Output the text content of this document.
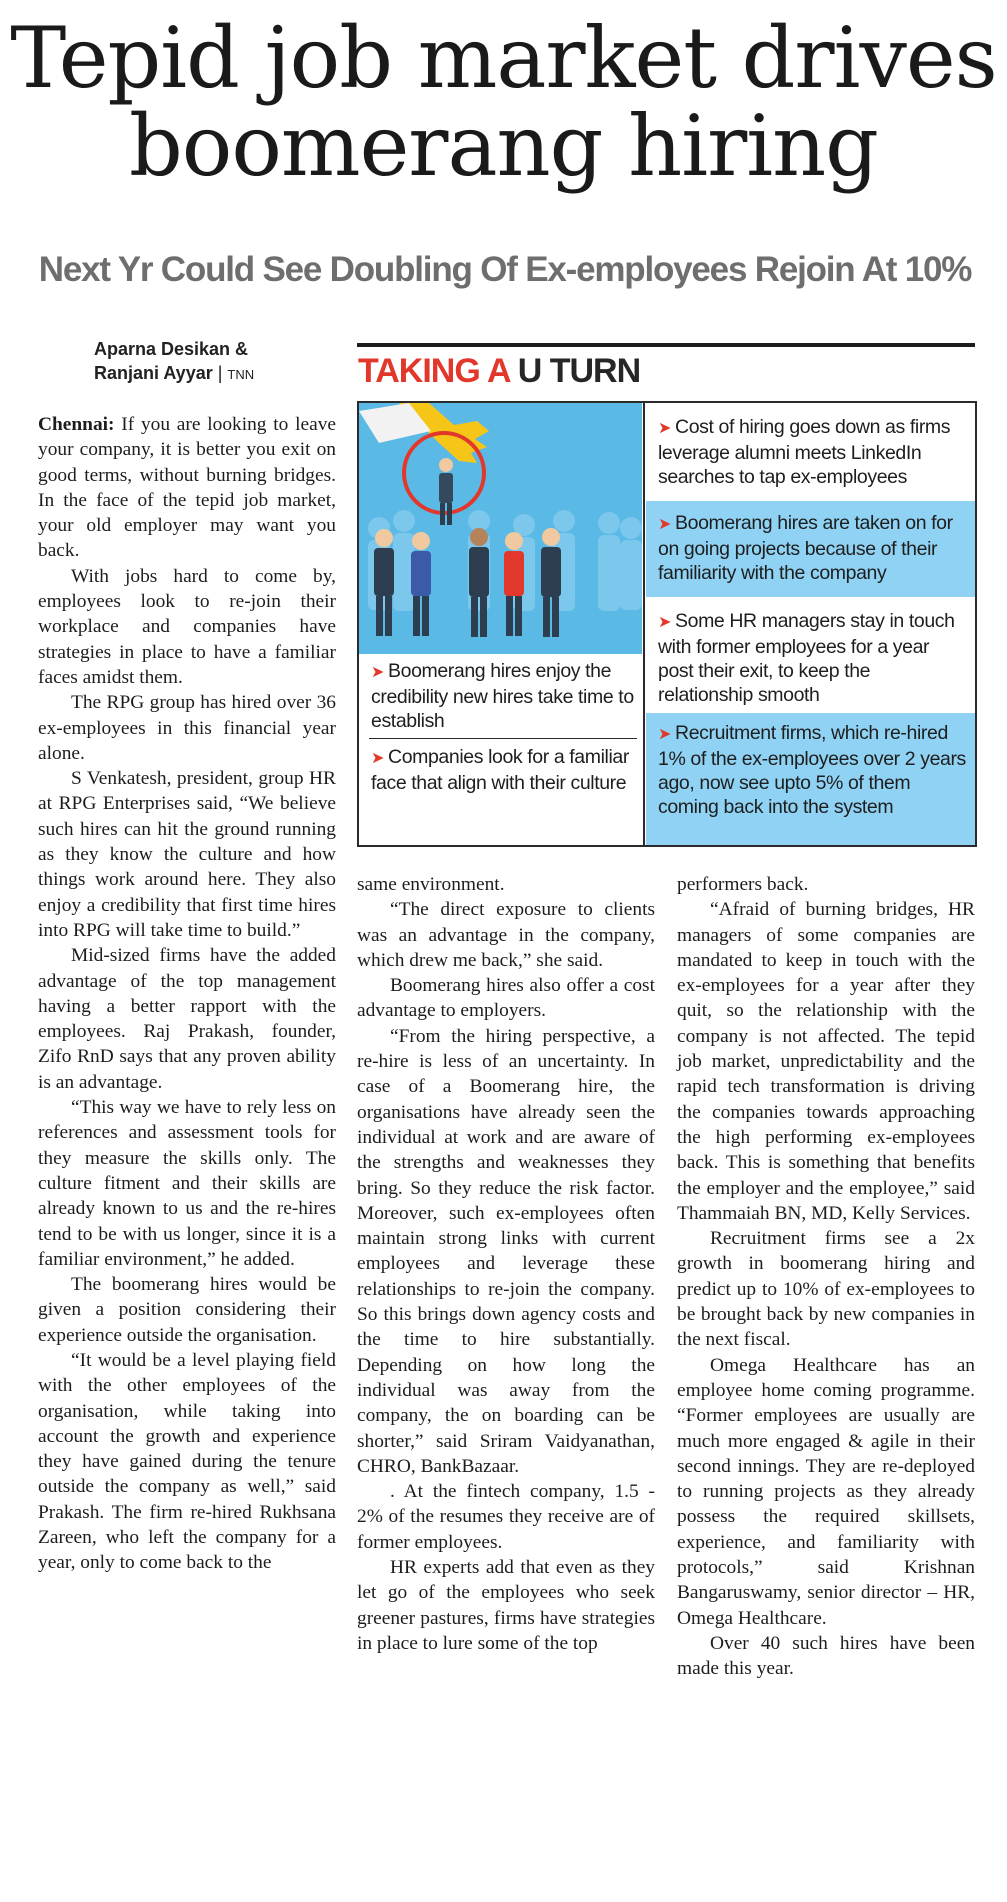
Tepid job market drives
boomerang hiring
Next Yr Could See Doubling Of Ex-employees Rejoin At 10%
Aparna Desikan &
Ranjani Ayyar | TNN

Chennai: If you are looking to leave your company, it is better you exit on good terms, without burning bridges. In the face of the tepid job market, your old employer may want you back.

With jobs hard to come by, employees look to re-join their workplace and companies have strategies in place to have a familiar faces amidst them.

The RPG group has hired over 36 ex-employees in this financial year alone.

S Venkatesh, president, group HR at RPG Enterprises said, “We believe such hires can hit the ground running as they know the culture and how things work around here. They also enjoy a credibility that first time hires into RPG will take time to build.”

Mid-sized firms have the added advantage of the top management having a better rapport with the employees. Raj Prakash, founder, Zifo RnD says that any proven ability is an advantage.

“This way we have to rely less on references and assessment tools for they measure the skills only. The culture fitment and their skills are already known to us and the re-hires tend to be with us longer, since it is a familiar environment,” he added.

The boomerang hires would be given a position considering their experience outside the organisation.

“It would be a level playing field with the other employees of the organisation, while taking into account the growth and experience they have gained during the tenure outside the company as well,” said Prakash. The firm re-hired Rukhsana Zareen, who left the company for a year, only to come back to the

TAKING A U TURN
➤ Boomerang hires enjoy the credibility new hires take time to establish
➤ Companies look for a familiar face that align with their culture
➤ Cost of hiring goes down as firms leverage alumni meets LinkedIn searches to tap ex-employees
➤ Boomerang hires are taken on for on going projects because of their familiarity with the company
➤ Some HR managers stay in touch with former employees for a year post their exit, to keep the relationship smooth
➤ Recruitment firms, which re-hired 1% of the ex-employees over 2 years ago, now see upto 5% of them coming back into the system

same environment.

“The direct exposure to clients was an advantage in the company, which drew me back,” she said.

Boomerang hires also offer a cost advantage to employers.

“From the hiring perspective, a re-hire is less of an uncertainty. In case of a Boomerang hire, the organisations have already seen the individual at work and are aware of the strengths and weaknesses they bring. So they reduce the risk factor. Moreover, such ex-employees often maintain strong links with current employees and leverage these relationships to re-join the company. So this brings down agency costs and the time to hire substantially. Depending on how long the individual was away from the company, the on boarding can be shorter,” said Sriram Vaidyanathan, CHRO, BankBazaar.

. At the fintech company, 1.5 - 2% of the resumes they receive are of former employees.

HR experts add that even as they let go of the employees who seek greener pastures, firms have strategies in place to lure some of the top

performers back.

“Afraid of burning bridges, HR managers of some companies are mandated to keep in touch with the ex-employees for a year after they quit, so the relationship with the company is not affected. The tepid job market, unpredictability and the rapid tech transformation is driving the companies towards approaching the high performing ex-employees back. This is something that benefits the employer and the employee,” said Thammaiah BN, MD, Kelly Services.

Recruitment firms see a 2x growth in boomerang hiring and predict up to 10% of ex-employees to be brought back by new companies in the next fiscal.

Omega Healthcare has an employee home coming programme. “Former employees are usually are much more engaged & agile in their second innings. They are re-deployed to running projects as they already possess the required skillsets, experience, and familiarity with protocols,” said Krishnan Bangaruswamy, senior director – HR, Omega Healthcare.

Over 40 such hires have been made this year.
